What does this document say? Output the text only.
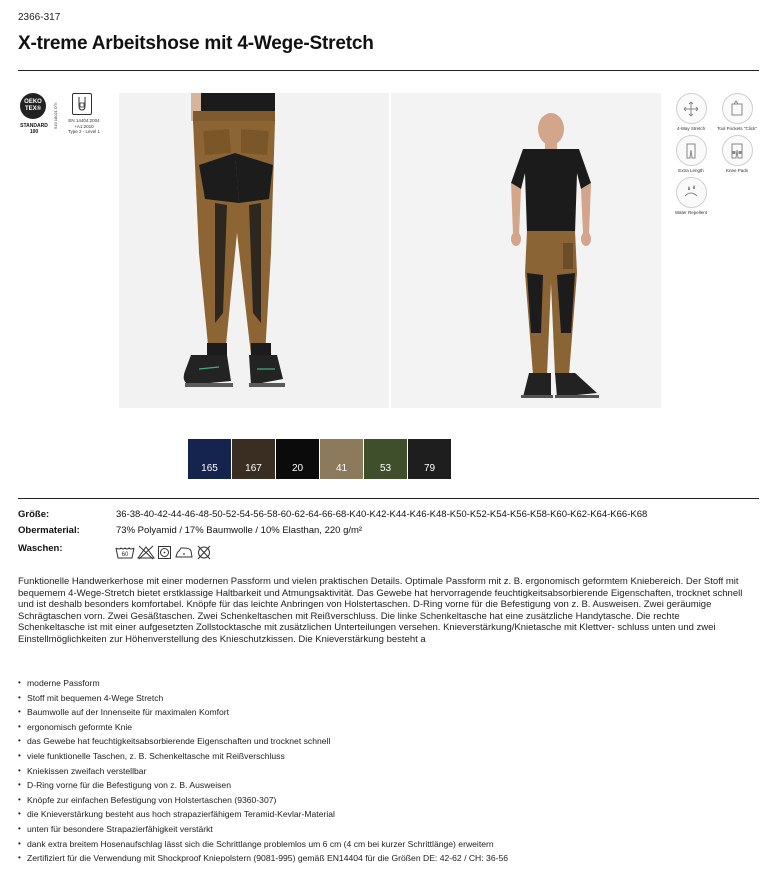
2366-317
X-treme Arbeitshose mit 4-Wege-Stretch
OEKO TEX®
STANDARD 100
919 18021 DTI	EN 14404:2004 +A1:2010
Type 2 - Level 1
4-Way Stretch	Tool Pockets "Click"
Extra Length	Knee Pads
Water Repellent
165	167	20	41	53	79
Größe:	36-38-40-42-44-46-48-50-52-54-56-58-60-62-64-66-68-K40-K42-K44-K46-K48-K50-K52-K54-K56-K58-K60-K62-K64-K66-K68
Obermaterial:	73% Polyamid / 17% Baumwolle / 10% Elasthan, 220 g/m²
Waschen:
60

Funktionelle Handwerkerhose mit einer modernen Passform und vielen praktischen Details. Optimale Passform mit z. B. ergonomisch geformtem Kniebereich. Der Stoff mit bequemem 4-Wege-Stretch bietet erstklassige Haltbarkeit und Atmungsaktivität. Das Gewebe hat hervorragende feuchtigkeitsabsorbierende Eigenschaften, trocknet schnell und ist deshalb besonders komfortabel. Knöpfe für das leichte Anbringen von Holstertaschen. D-Ring vorne für die Befestigung von z. B. Ausweisen. Zwei geräumige Schrägtaschen vorn. Zwei Gesäßtaschen. Zwei Schenkeltaschen mit Reißverschluss. Die linke Schenkeltasche hat eine zusätzliche Handytasche. Die rechte Schenkeltasche ist mit einer aufgesetzten Zollstocktasche mit zusätzlichen Unterteilungen versehen. Knieverstärkung/Knietasche mit Klettver- schluss unten und zwei Einstellmöglichkeiten zur Höhenverstellung des Knieschutzkissen. Die Knieverstärkung besteht a

• moderne Passform
• Stoff mit bequemen 4-Wege Stretch
• Baumwolle auf der Innenseite für maximalen Komfort
• ergonomisch geformte Knie
• das Gewebe hat feuchtigkeitsabsorbierende Eigenschaften und trocknet schnell
• viele funktionelle Taschen, z. B. Schenkeltasche mit Reißverschluss
• Kniekissen zweifach verstellbar
• D-Ring vorne für die Befestigung von z. B. Ausweisen
• Knöpfe zur einfachen Befestigung von Holstertaschen (9360-307)
• die Knieverstärkung besteht aus hoch strapazierfähigem Teramid-Kevlar-Material
• unten für besondere Strapazierfähigkeit verstärkt
• dank extra breitem Hosenaufschlag lässt sich die Schrittlange problemlos um 6 cm (4 cm bei kurzer Schrittlänge) erweitern
• Zertifiziert für die Verwendung mit Shockproof Kniepolstern (9081-995) gemäß EN14404 für die Größen DE: 42-62 / CH: 36-56
